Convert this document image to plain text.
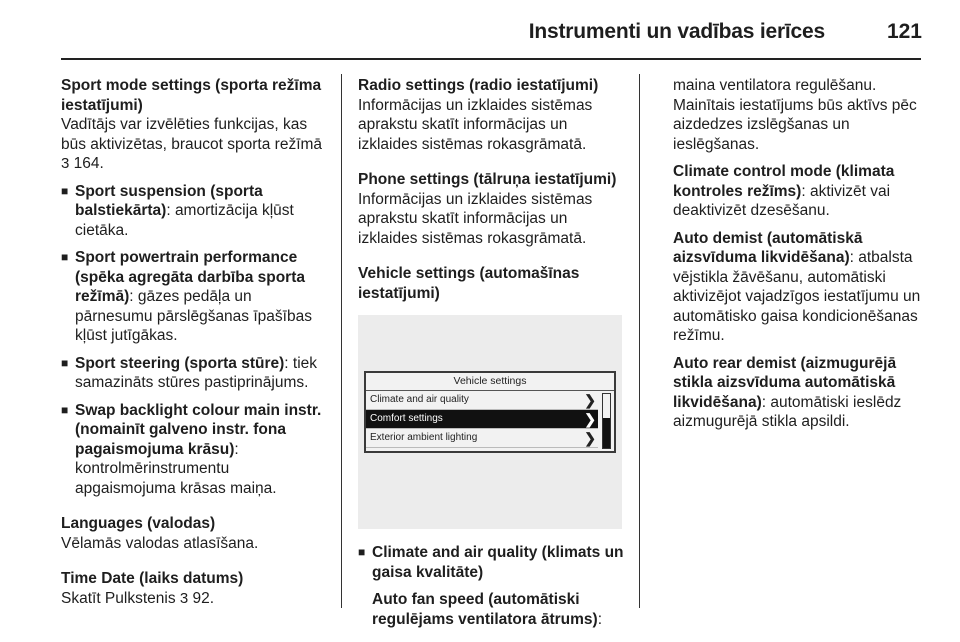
Instrumenti un vadības ierīces	121

Sport mode settings (sporta režīma iestatījumi)

Vadītājs var izvēlēties funkcijas, kas būs aktivizētas, braucot sporta režīmā 3 164.

■ Sport suspension (sporta balstiekārta): amortizācija kļūst cietāka.
■ Sport powertrain performance (spēka agregāta darbība sporta režīmā): gāzes pedāļa un pārnesumu pārslēgšanas īpašības kļūst jutīgākas.
■ Sport steering (sporta stūre): tiek samazināts stūres pastiprinājums.
■ Swap backlight colour main instr. (nomainīt galveno instr. fona pagaismojuma krāsu): kontrolmērinstrumentu apgaismojuma krāsas maiņa.

Languages (valodas)

Vēlamās valodas atlasīšana.

Time Date (laiks datums)

Skatīt Pulkstenis 3 92.

Radio settings (radio iestatījumi)

Informācijas un izklaides sistēmas aprakstu skatīt informācijas un izklaides sistēmas rokasgrāmatā.

Phone settings (tālruņa iestatījumi)

Informācijas un izklaides sistēmas aprakstu skatīt informācijas un izklaides sistēmas rokasgrāmatā.

Vehicle settings (automašīnas iestatījumi)

Vehicle settings
Climate and air quality	❯
Comfort settings	❯
Exterior ambient lighting	❯
■ Climate and air quality (klimats un gaisa kvalitāte)

Auto fan speed (automātiski regulējams ventilatora ātrums):

maina ventilatora regulēšanu. Mainītais iestatījums būs aktīvs pēc aizdedzes izslēgšanas un ieslēgšanas.

Climate control mode (klimata kontroles režīms): aktivizēt vai deaktivizēt dzesēšanu.

Auto demist (automātiskā aizsvīduma likvidēšana): atbalsta vējstikla žāvēšanu, automātiski aktivizējot vajadzīgos iestatījumu un automātisko gaisa kondicionēšanas režīmu.

Auto rear demist (aizmugurējā stikla aizsvīduma automātiskā likvidēšana): automātiski ieslēdz aizmugurējā stikla apsildi.
